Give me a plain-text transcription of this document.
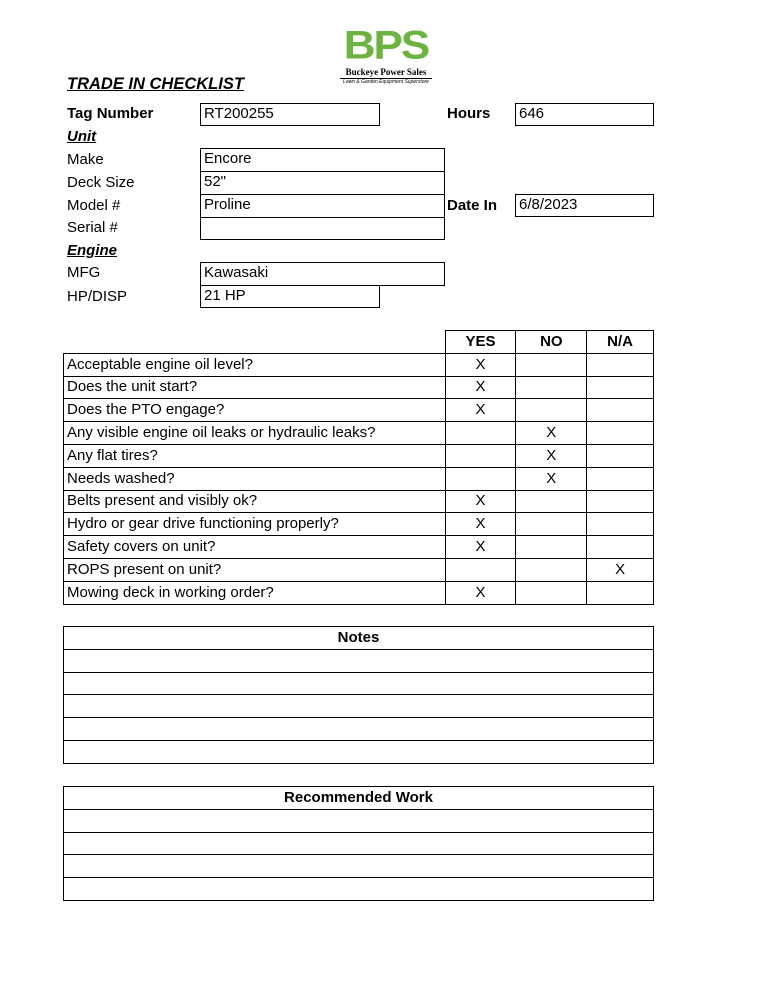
BPS
Buckeye Power Sales
Lawn & Garden Equipment Superstore
TRADE IN CHECKLIST
Tag Number	RT200255	Hours 646
Unit
Make	Encore
Deck Size	52"
Model #	Proline	Date In 6/8/2023
Serial #
Engine
MFG	Kawasaki
HP/DISP	21 HP
	YES	NO	N/A
Acceptable engine oil level?	X		
Does the unit start?	X		
Does the PTO engage?	X		
Any visible engine oil leaks or hydraulic leaks?		X	
Any flat tires?		X	
Needs washed?		X	
Belts present and visibly ok?	X		
Hydro or gear drive functioning properly?	X		
Safety covers on unit?	X		
ROPS present on unit?			X
Mowing deck in working order?	X		
Notes

Recommended Work
